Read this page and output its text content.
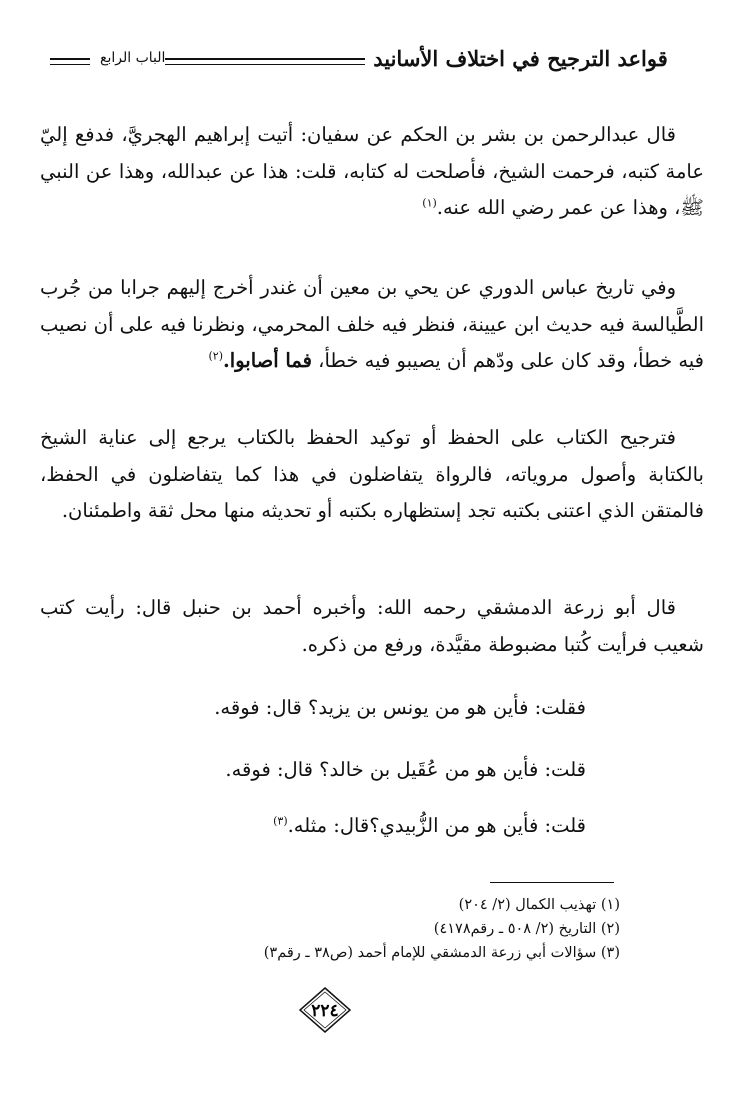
قواعد الترجيح في اختلاف الأسانيد
الباب الرابع

قال عبدالرحمن بن بشر بن الحكم عن سفيان: أتيت إبراهيم الهجريَّ، فدفع إليّ عامة كتبه، فرحمت الشيخ، فأصلحت له كتابه، قلت: هذا عن عبدالله، وهذا عن النبي ﷺ، وهذا عن عمر رضي الله عنه.$^{(١)}$

وفي تاريخ عباس الدوري عن يحي بن معين أن غندر أخرج إليهم جرابا من جُرب الطَّيالسة فيه حديث ابن عيينة، فنظر فيه خلف المحرمي، ونظرنا فيه على أن نصيب فيه خطأ، وقد كان على ودّهم أن يصيبو فيه خطأ، فما أصابوا.$^{(٢)}$

فترجيح الكتاب على الحفظ أو توكيد الحفظ بالكتاب يرجع إلى عناية الشيخ بالكتابة وأصول مروياته، فالرواة يتفاضلون في هذا كما يتفاضلون في الحفظ، فالمتقن الذي اعتنى بكتبه تجد إستظهاره بكتبه أو تحديثه منها محل ثقة واطمئنان.

قال أبو زرعة الدمشقي رحمه الله: وأخبره أحمد بن حنبل قال: رأيت كتب شعيب فرأيت كُتبا مضبوطة مقيَّدة، ورفع من ذكره.

فقلت: فأين هو من يونس بن يزيد؟ قال: فوقه.
قلت: فأين هو من عُقَيل بن خالد؟ قال: فوقه.
قلت: فأين هو من الزُّبيدي؟قال: مثله.$^{(٣)}$
(١) تهذيب الكمال (٢/ ٢٠٤)
(٢) التاريخ (٢/ ٥٠٨ ـ رقم٤١٧٨)
(٣) سؤالات أبي زرعة الدمشقي للإمام أحمد (ص٣٨ ـ رقم٣)
٢٢٤
